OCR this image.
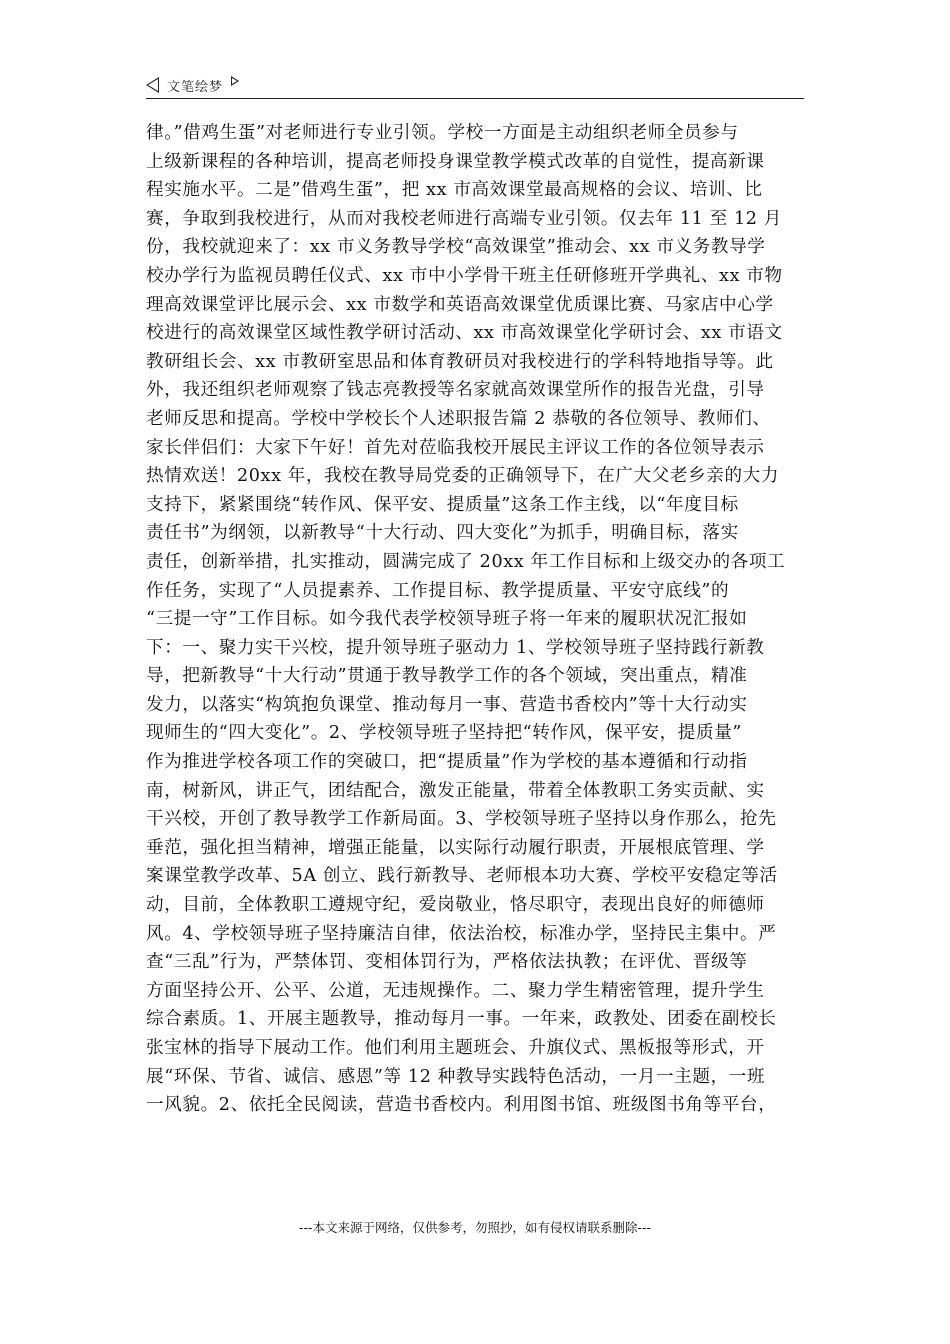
文笔绘梦
律。”借鸡生蛋”对老师进行专业引领。学校一方面是主动组织老师全员参与
上级新课程的各种培训，提高老师投身课堂教学模式改革的自觉性，提高新课
程实施水平。二是”借鸡生蛋”，把 xx 市高效课堂最高规格的会议、培训、比
赛，争取到我校进行，从而对我校老师进行高端专业引领。仅去年 11 至 12 月
份，我校就迎来了：xx 市义务教导学校“高效课堂”推动会、xx 市义务教导学
校办学行为监视员聘任仪式、xx 市中小学骨干班主任研修班开学典礼、xx 市物
理高效课堂评比展示会、xx 市数学和英语高效课堂优质课比赛、马家店中心学
校进行的高效课堂区域性教学研讨活动、xx 市高效课堂化学研讨会、xx 市语文
教研组长会、xx 市教研室思品和体育教研员对我校进行的学科特地指导等。此
外，我还组织老师观察了钱志亮教授等名家就高效课堂所作的报告光盘，引导
老师反思和提高。学校中学校长个人述职报告篇 2 恭敬的各位领导、教师们、
家长伴侣们：大家下午好！首先对莅临我校开展民主评议工作的各位领导表示
热情欢送！20xx 年，我校在教导局党委的正确领导下，在广大父老乡亲的大力
支持下，紧紧围绕“转作风、保平安、提质量”这条工作主线，以“年度目标
责任书”为纲领，以新教导“十大行动、四大变化”为抓手，明确目标，落实
责任，创新举措，扎实推动，圆满完成了 20xx 年工作目标和上级交办的各项工
作任务，实现了“人员提素养、工作提目标、教学提质量、平安守底线”的
“三提一守”工作目标。如今我代表学校领导班子将一年来的履职状况汇报如
下：一、聚力实干兴校，提升领导班子驱动力 1、学校领导班子坚持践行新教
导，把新教导“十大行动”贯通于教导教学工作的各个领域，突出重点，精准
发力，以落实“构筑抱负课堂、推动每月一事、营造书香校内”等十大行动实
现师生的“四大变化”。2、学校领导班子坚持把“转作风，保平安，提质量”
作为推进学校各项工作的突破口，把“提质量”作为学校的基本遵循和行动指
南，树新风，讲正气，团结配合，激发正能量，带着全体教职工务实贡献、实
干兴校，开创了教导教学工作新局面。3、学校领导班子坚持以身作那么，抢先
垂范，强化担当精神，增强正能量，以实际行动履行职责，开展根底管理、学
案课堂教学改革、5A 创立、践行新教导、老师根本功大赛、学校平安稳定等活
动，目前，全体教职工遵规守纪，爱岗敬业，恪尽职守，表现出良好的师德师
风。4、学校领导班子坚持廉洁自律，依法治校，标准办学，坚持民主集中。严
查“三乱”行为，严禁体罚、变相体罚行为，严格依法执教；在评优、晋级等
方面坚持公开、公平、公道，无违规操作。二、聚力学生精密管理，提升学生
综合素质。1、开展主题教导，推动每月一事。一年来，政教处、团委在副校长
张宝林的指导下展动工作。他们利用主题班会、升旗仪式、黑板报等形式，开
展“环保、节省、诚信、感恩”等 12 种教导实践特色活动，一月一主题，一班
一风貌。2、依托全民阅读，营造书香校内。利用图书馆、班级图书角等平台，
---本文来源于网络，仅供参考，勿照抄，如有侵权请联系删除---
